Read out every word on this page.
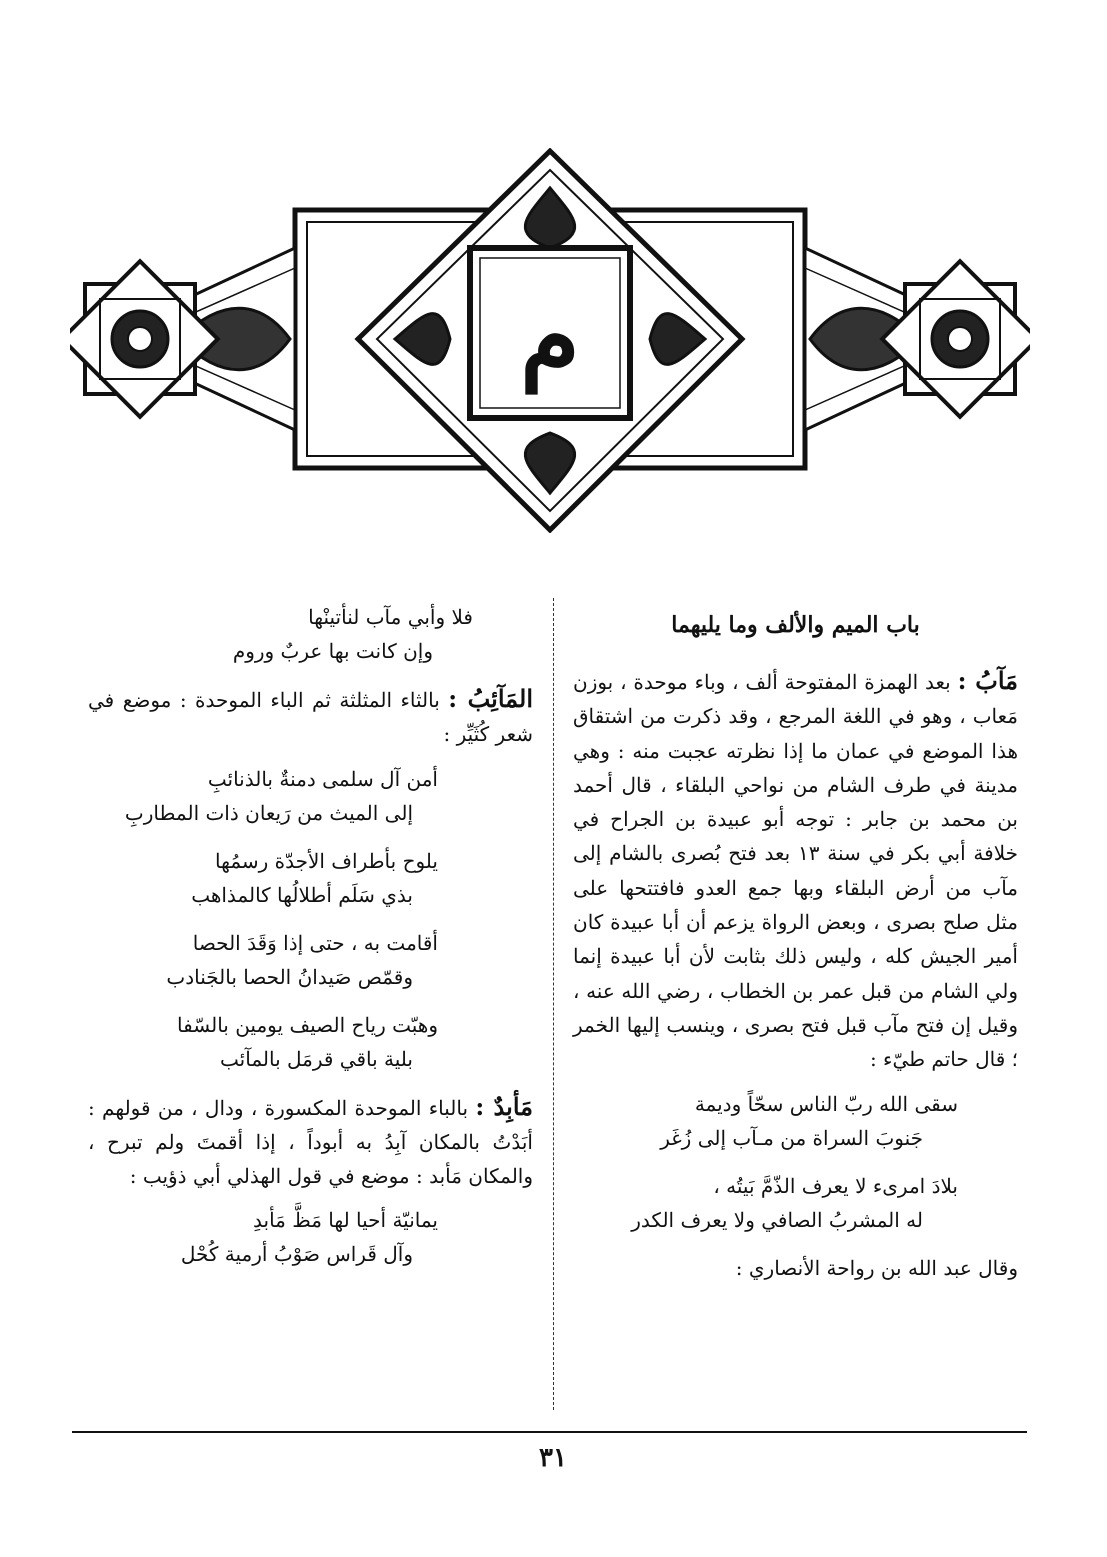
م
باب الميم والألف وما يليهما

مَآبُ : بعد الهمزة المفتوحة ألف ، وباء موحدة ، بوزن مَعاب ، وهو في اللغة المرجع ، وقد ذكرت من اشتقاق هذا الموضع في عمان ما إذا نظرته عجبت منه : وهي مدينة في طرف الشام من نواحي البلقاء ، قال أحمد بن محمد بن جابر : توجه أبو عبيدة بن الجراح في خلافة أبي بكر في سنة ١٣ بعد فتح بُصرى بالشام إلى مآب من أرض البلقاء وبها جمع العدو فافتتحها على مثل صلح بصرى ، وبعض الرواة يزعم أن أبا عبيدة كان أمير الجيش كله ، وليس ذلك بثابت لأن أبا عبيدة إنما ولي الشام من قبل عمر بن الخطاب ، رضي الله عنه ، وقيل إن فتح مآب قبل فتح بصرى ، وينسب إليها الخمر ؛ قال حاتم طيّء :

سقى الله ربّ الناس سحّاً وديمة
جَنوبَ السراة من مـآب إلى زُغَر
بلادَ امرىء لا يعرف الذّمَّ بَيتُه ،
له المشربُ الصافي ولا يعرف الكدر
وقال عبد الله بن رواحة الأنصاري :
فلا وأبي مآب لنأتينْها
وإن كانت بها عربٌ وروم

المَآئِبُ : بالثاء المثلثة ثم الباء الموحدة : موضع في شعر كُثَيِّر :

أمن آل سلمى دمنةٌ بالذنائبِ
إلى الميث من رَيعان ذات المطاربِ
يلوح بأطراف الأجدّة رسمُها
بذي سَلَم أطلالُها كالمذاهب
أقامت به ، حتى إذا وَقَدَ الحصا
وقمّص صَيدانُ الحصا بالجَنادب
وهبّت رياح الصيف يومين بالسّفا
بلية باقي قرمَل بالمآئب

مَأبِدٌ : بالباء الموحدة المكسورة ، ودال ، من قولهم : أبَدْتُ بالمكان آبِدُ به أبوداً ، إذا أقمتَ ولم تبرح ، والمكان مَأبد : موضع في قول الهذلي أبي ذؤيب :

يمانيّة أحيا لها مَظَّ مَأبدِ
وآل قَراس صَوْبُ أرمية كُحْل
٣١
